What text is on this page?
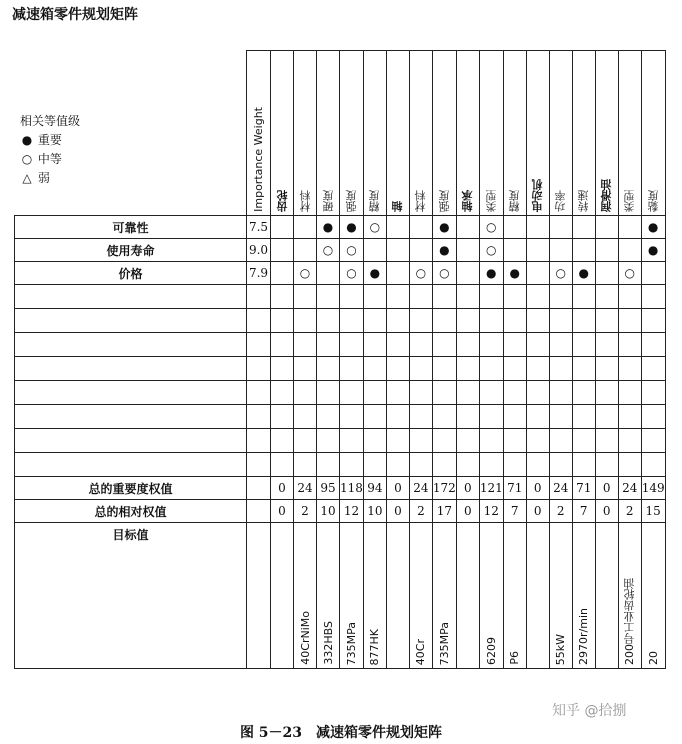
减速箱零件规划矩阵
	Importance Weight	齿轮	材料	硬度	强度	精度	轴	材料	强度	轴承	类型	精度	电动机	功率	转速	润滑油	类型	黏度
可靠性	7.5			●	●	○			●		○							●
使用寿命	9.0			○	○				●		○							●
价格	7.9		○		○	●		○	○		●	●		○	●		○	

总的重要度权值		0	24	95	118	94	0	24	172	0	121	71	0	24	71	0	24	149
总的相对权值		0	2	10	12	10	0	2	17	0	12	7	0	2	7	0	2	15
目标值			40CrNiMo	332HBS	735MPa	877HK		40Cr	735MPa		6209	P6		55kW	2970r/min		200号工业齿轮油	20
相关等值级
● 重要
○ 中等
△ 弱
知乎 @拾捌
图 5－23　减速箱零件规划矩阵
